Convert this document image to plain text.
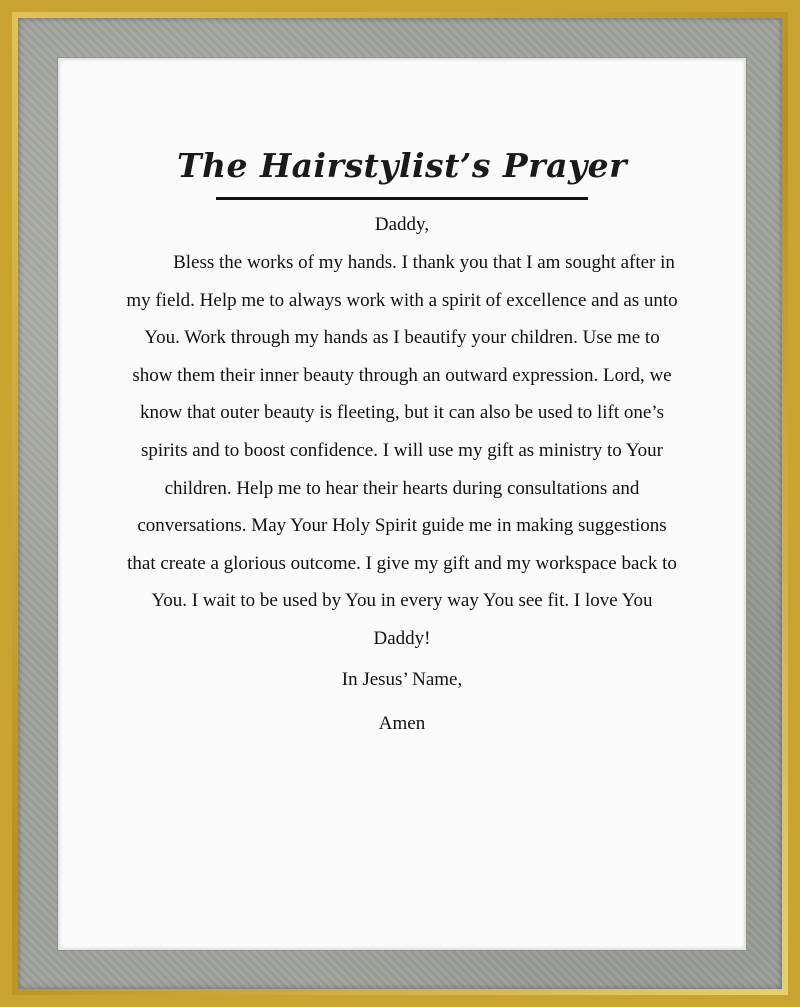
The Hairstylist’s Prayer

Daddy,

Bless the works of my hands. I thank you that I am sought after in my field. Help me to always work with a spirit of excellence and as unto You. Work through my hands as I beautify your children. Use me to show them their inner beauty through an outward expression. Lord, we know that outer beauty is fleeting, but it can also be used to lift one’s spirits and to boost confidence. I will use my gift as ministry to Your children. Help me to hear their hearts during consultations and conversations. May Your Holy Spirit guide me in making suggestions that create a glorious outcome. I give my gift and my workspace back to You. I wait to be used by You in every way You see fit. I love You Daddy!

In Jesus’ Name,

Amen
